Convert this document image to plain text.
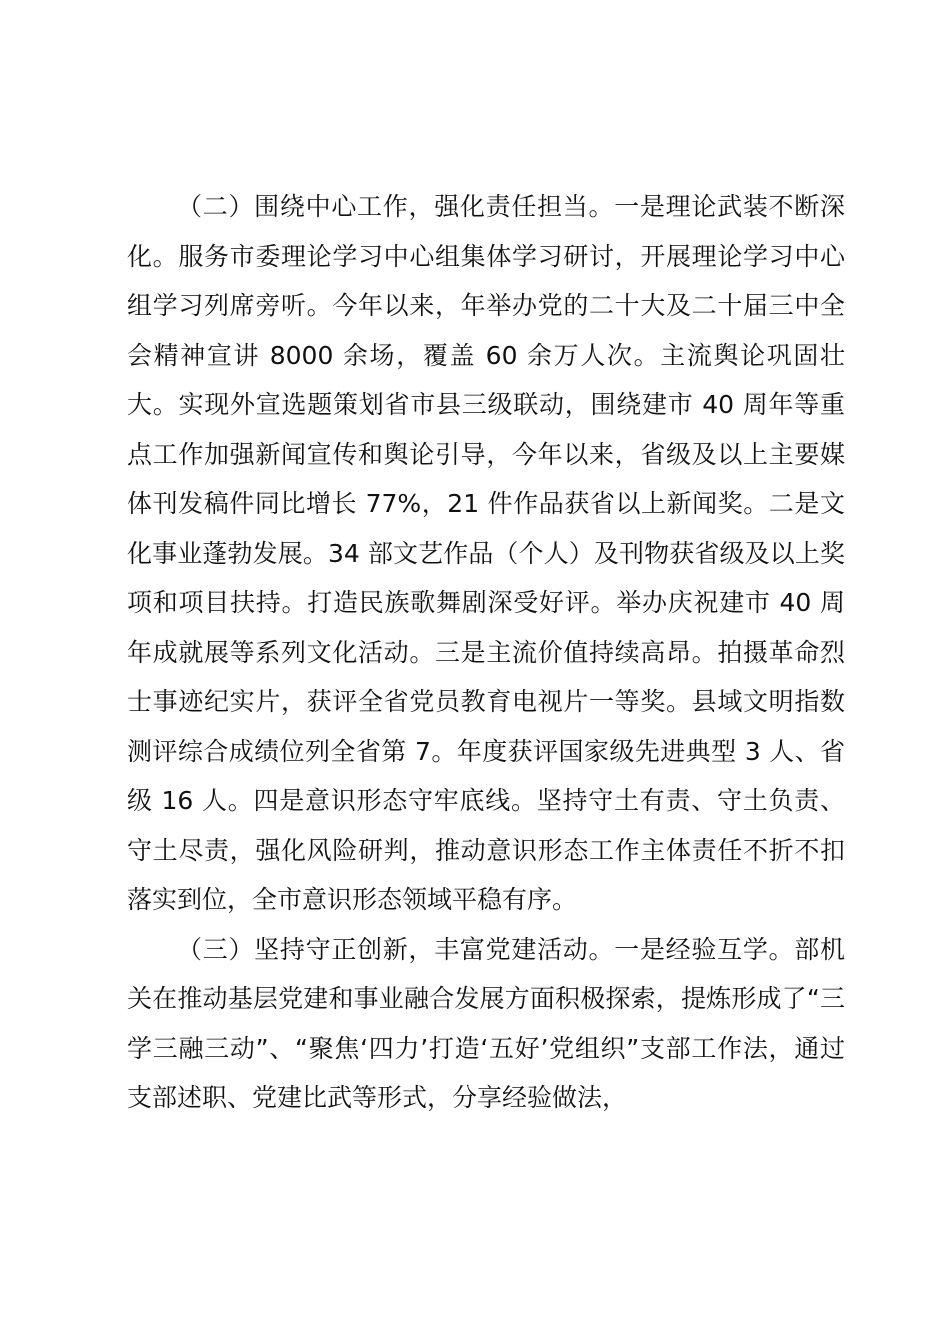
（二）围绕中心工作，强化责任担当。一是理论武装不断深化。服务市委理论学习中心组集体学习研讨，开展理论学习中心组学习列席旁听。今年以来，年举办党的二十大及二十届三中全会精神宣讲 8000 余场，覆盖 60 余万人次。主流舆论巩固壮大。实现外宣选题策划省市县三级联动，围绕建市 40 周年等重点工作加强新闻宣传和舆论引导，今年以来，省级及以上主要媒体刊发稿件同比增长 77%，21 件作品获省以上新闻奖。二是文化事业蓬勃发展。34 部文艺作品（个人）及刊物获省级及以上奖项和项目扶持。打造民族歌舞剧深受好评。举办庆祝建市 40 周年成就展等系列文化活动。三是主流价值持续高昂。拍摄革命烈士事迹纪实片，获评全省党员教育电视片一等奖。县域文明指数测评综合成绩位列全省第 7。年度获评国家级先进典型 3 人、省级 16 人。四是意识形态守牢底线。坚持守土有责、守土负责、守土尽责，强化风险研判，推动意识形态工作主体责任不折不扣落实到位，全市意识形态领域平稳有序。

（三）坚持守正创新，丰富党建活动。一是经验互学。部机关在推动基层党建和事业融合发展方面积极探索，提炼形成了“三学三融三动”、“聚焦‘四力’打造‘五好’党组织”支部工作法，通过支部述职、党建比武等形式，分享经验做法，
